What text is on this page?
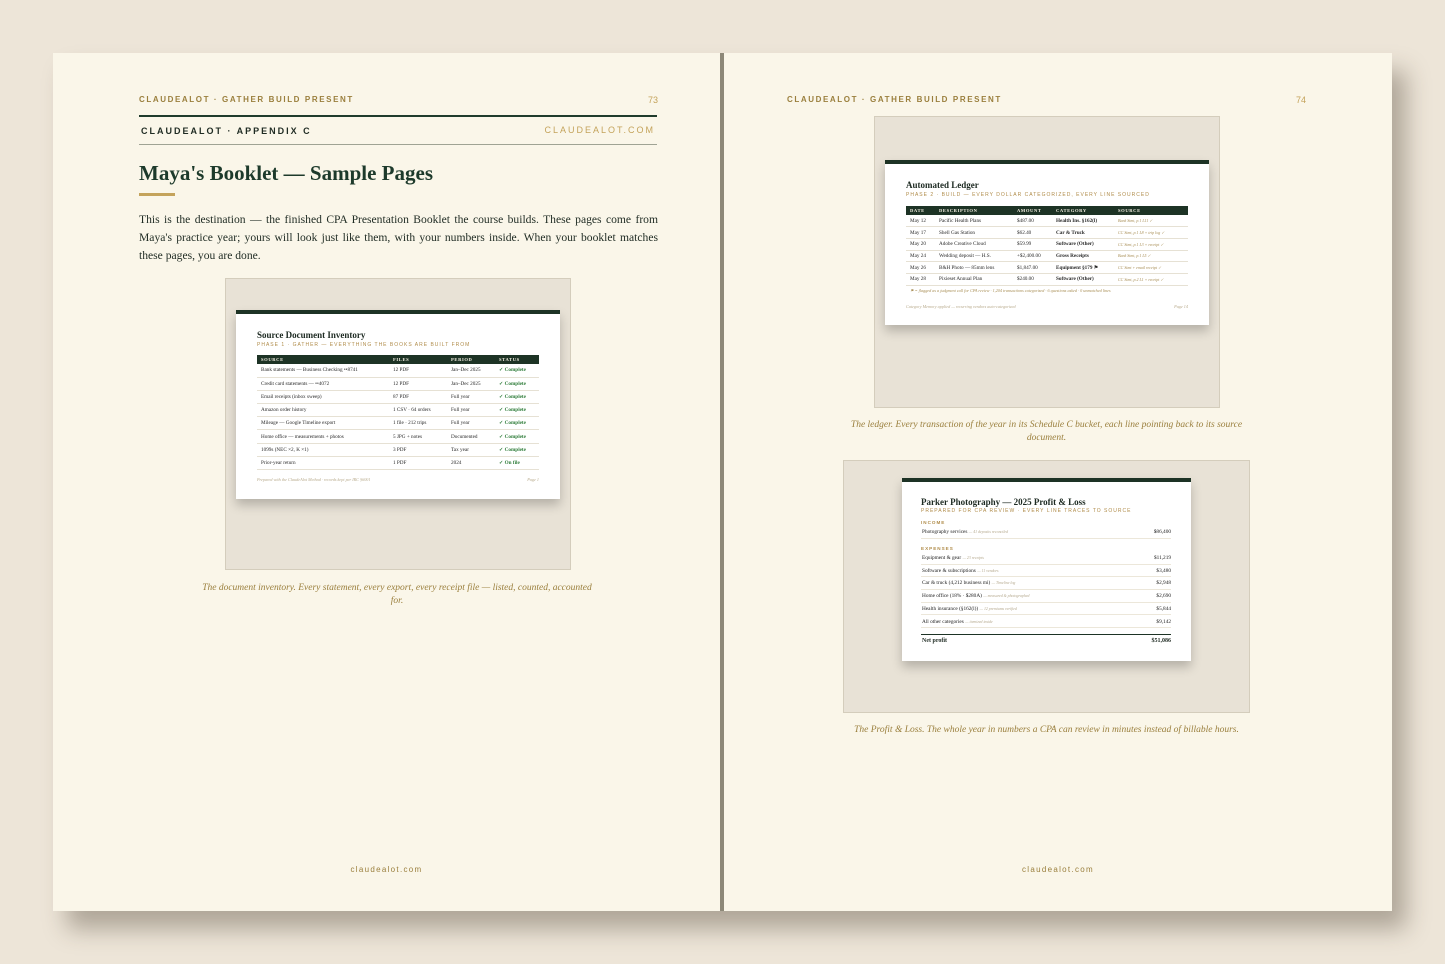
CLAUDEALOT · GATHER BUILD PRESENT	73
CLAUDEALOT · APPENDIX C	CLAUDEALOT.COM
Maya's Booklet — Sample Pages

This is the destination — the finished CPA Presentation Booklet the course builds. These pages come from Maya's practice year; yours will look just like them, with your numbers inside. When your booklet matches these pages, you are done.

Source Document Inventory
PHASE 1 · GATHER — EVERYTHING THE BOOKS ARE BUILT FROM
SOURCE	FILES	PERIOD	STATUS
Bank statements — Business Checking ••8741	12 PDF	Jan–Dec 2025	✓ Complete
Credit card statements — ••4072	12 PDF	Jan–Dec 2025	✓ Complete
Email receipts (inbox sweep)	87 PDF	Full year	✓ Complete
Amazon order history	1 CSV · 64 orders	Full year	✓ Complete
Mileage — Google Timeline export	1 file · 212 trips	Full year	✓ Complete
Home office — measurements + photos	5 JPG + notes	Documented	✓ Complete
1099s (NEC ×2, K ×1)	3 PDF	Tax year	✓ Complete
Prior-year return	1 PDF	2024	✓ On file
Prepared with the ClaudeAlot Method · records kept per IRC §6001	Page 1
The document inventory. Every statement, every export, every receipt file — listed, counted, accounted for.
claudealot.com
CLAUDEALOT · GATHER BUILD PRESENT	74
Automated Ledger
PHASE 2 · BUILD — EVERY DOLLAR CATEGORIZED, EVERY LINE SOURCED
DATE	DESCRIPTION	AMOUNT	CATEGORY	SOURCE
May 12	Pacific Health Plans	$487.00	Health Ins. §162(l)	Bank Stmt, p.1 L11 ✓
May 17	Shell Gas Station	$62.40	Car & Truck	CC Stmt, p.1 L8 + trip log ✓
May 20	Adobe Creative Cloud	$59.99	Software (Other)	CC Stmt, p.1 L3 + receipt ✓
May 24	Wedding deposit — H.S.	+$2,400.00	Gross Receipts	Bank Stmt, p.1 L5 ✓
May 26	B&H Photo — 85mm lens	$1,847.00	Equipment §179 ⚑	CC Stmt + email receipt ✓
May 28	Pixieset Annual Plan	$240.00	Software (Other)	CC Stmt, p.2 L1 + receipt ✓
⚑ = flagged as a judgment call for CPA review · 1,204 transactions categorized · 6 questions asked · 0 unmatched lines
Category Memory applied — recurring vendors auto-categorized	Page 14
The ledger. Every transaction of the year in its Schedule C bucket, each line pointing back to its source document.
Parker Photography — 2025 Profit & Loss
PREPARED FOR CPA REVIEW · EVERY LINE TRACES TO SOURCE
INCOME
Photography services — 41 deposits reconciled	$86,400
EXPENSES
Equipment & gear — 23 receipts	$11,219
Software & subscriptions — 11 vendors	$3,480
Car & truck (4,212 business mi) — Timeline log	$2,948
Home office (18% · $280A) — measured & photographed	$2,690
Health insurance (§162(l)) — 12 premiums verified	$5,844
All other categories — itemized inside	$9,142
Net profit	$51,086
The Profit & Loss. The whole year in numbers a CPA can review in minutes instead of billable hours.
claudealot.com
